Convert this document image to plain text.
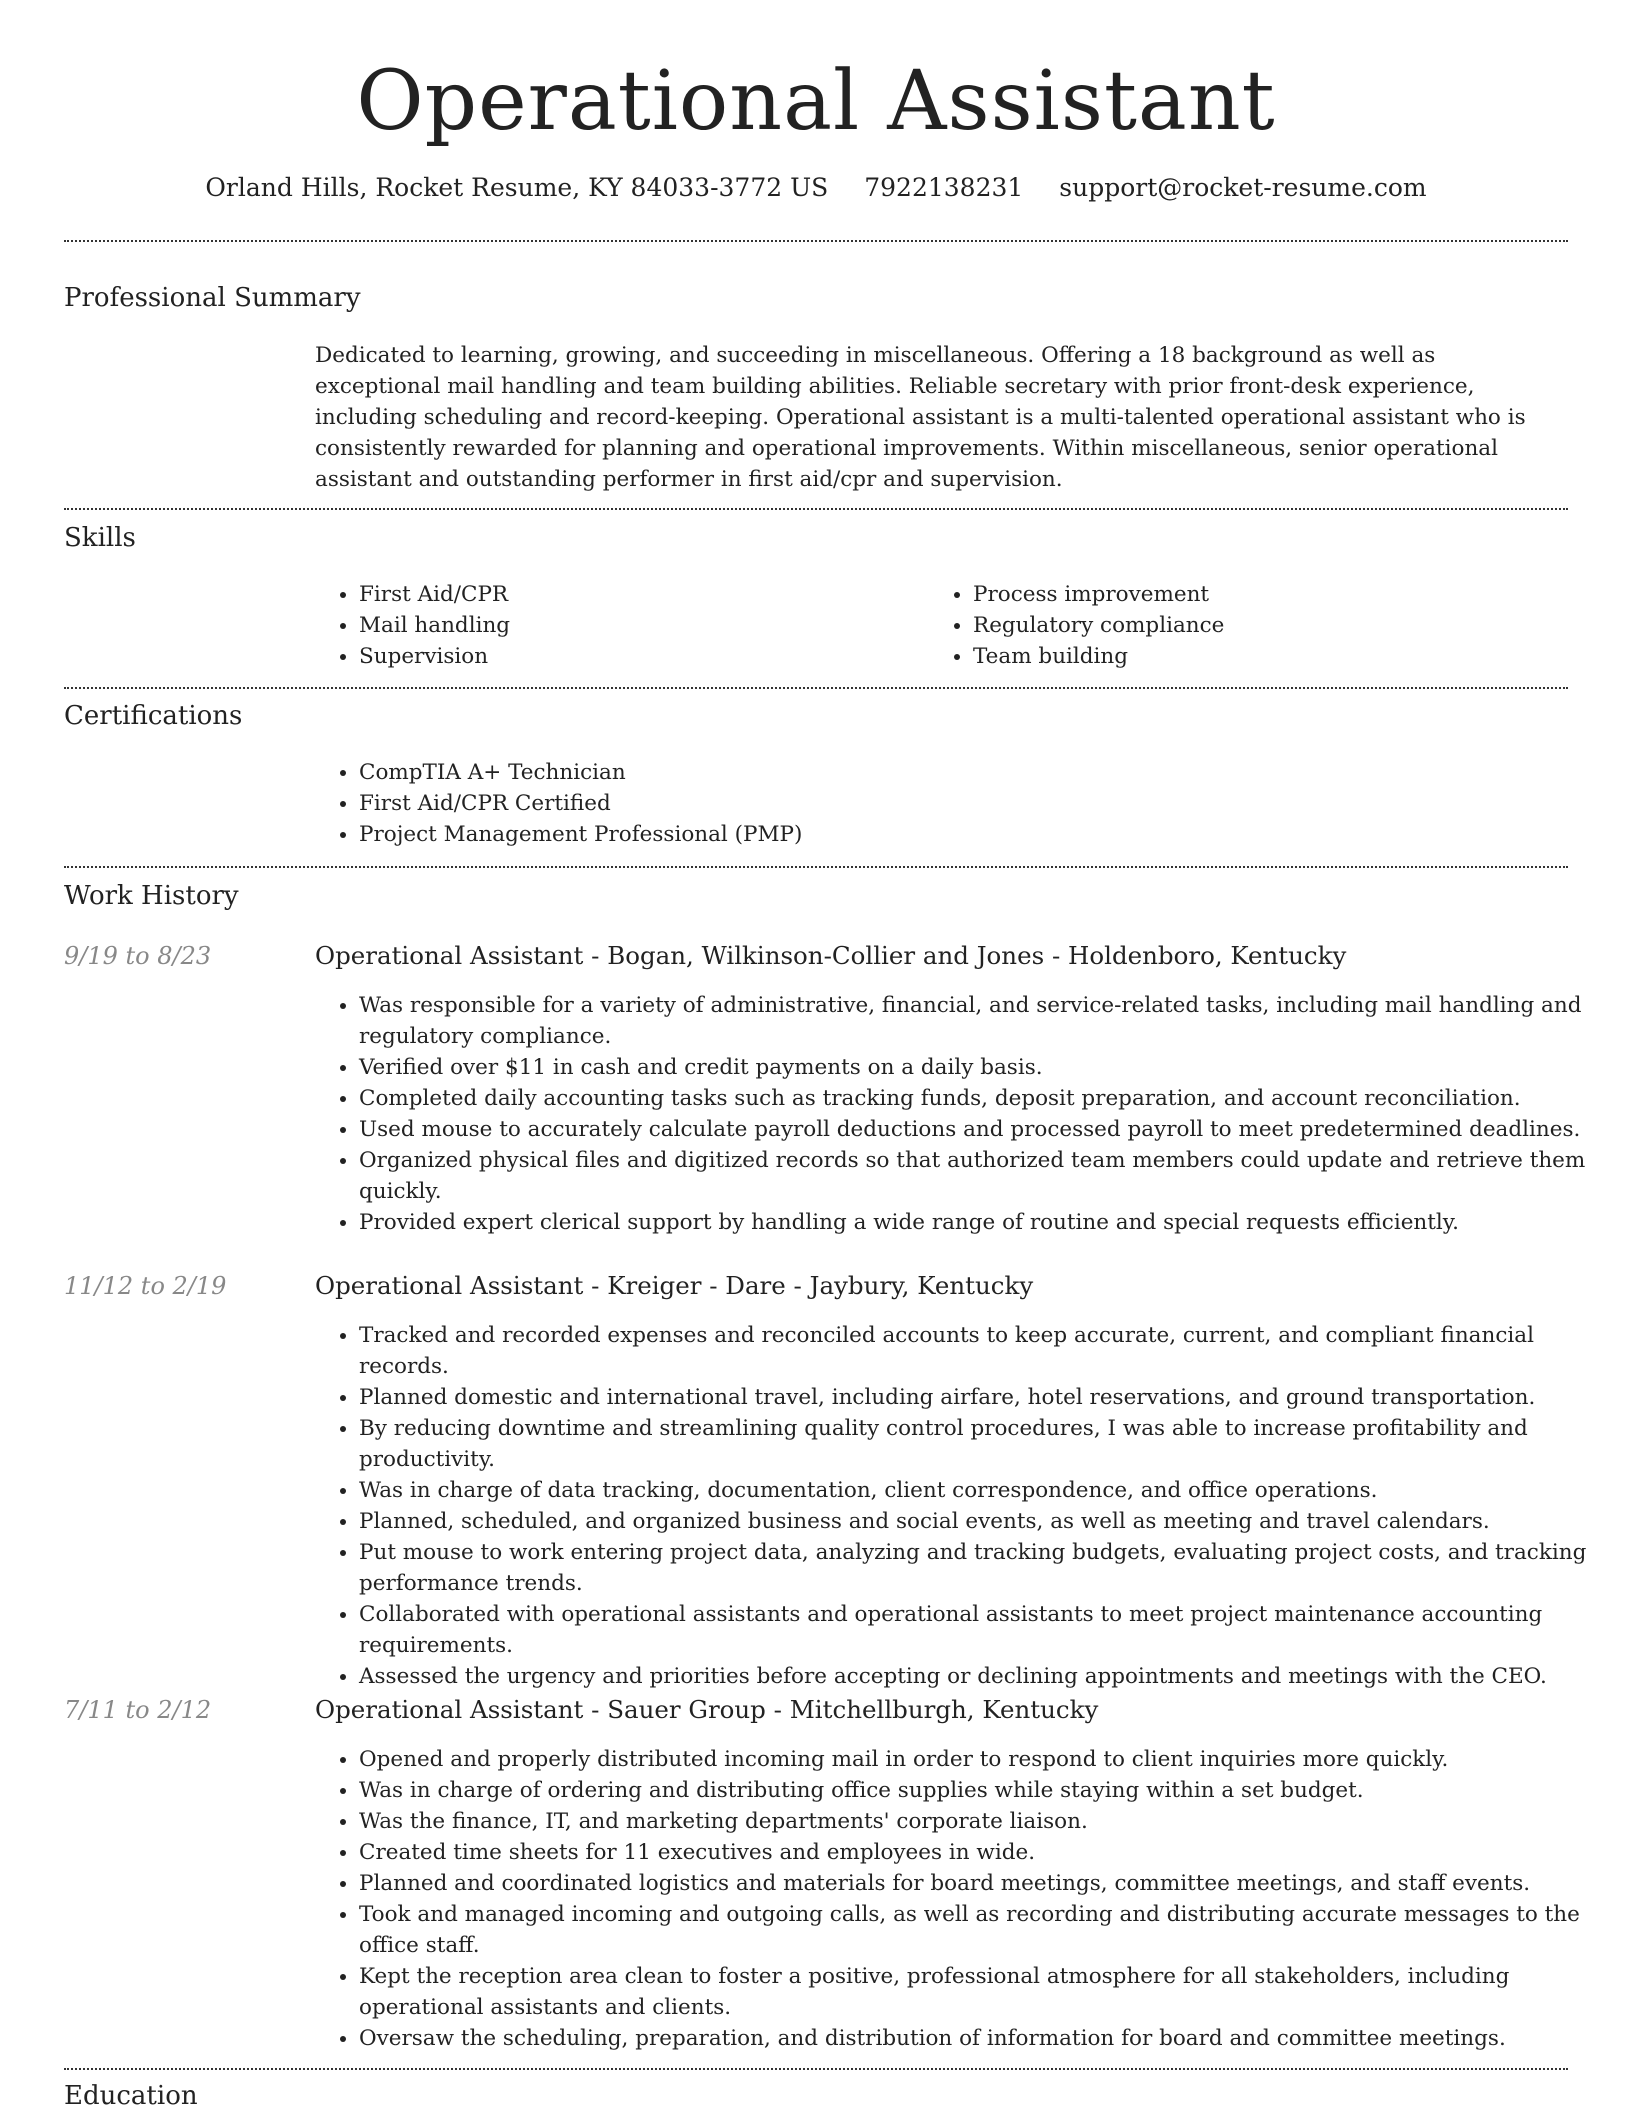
Operational Assistant
Orland Hills, Rocket Resume, KY 84033-3772 US 7922138231 support@rocket-resume.com
Professional Summary
Dedicated to learning, growing, and succeeding in miscellaneous. Offering a 18 background as well as exceptional mail handling and team building abilities. Reliable secretary with prior front-desk experience, including scheduling and record-keeping. Operational assistant is a multi-talented operational assistant who is consistently rewarded for planning and operational improvements. Within miscellaneous, senior operational assistant and outstanding performer in first aid/cpr and supervision.
Skills
• First Aid/CPR
• Mail handling
• Supervision
• Process improvement
• Regulatory compliance
• Team building
Certifications
• CompTIA A+ Technician
• First Aid/CPR Certified
• Project Management Professional (PMP)
Work History
9/19 to 8/23	Operational Assistant - Bogan, Wilkinson-Collier and Jones - Holdenboro, Kentucky
• Was responsible for a variety of administrative, financial, and service-related tasks, including mail handling and regulatory compliance.
• Verified over $11 in cash and credit payments on a daily basis.
• Completed daily accounting tasks such as tracking funds, deposit preparation, and account reconciliation.
• Used mouse to accurately calculate payroll deductions and processed payroll to meet predetermined deadlines.
• Organized physical files and digitized records so that authorized team members could update and retrieve them quickly.
• Provided expert clerical support by handling a wide range of routine and special requests efficiently.
11/12 to 2/19	Operational Assistant - Kreiger - Dare - Jaybury, Kentucky
• Tracked and recorded expenses and reconciled accounts to keep accurate, current, and compliant financial records.
• Planned domestic and international travel, including airfare, hotel reservations, and ground transportation.
• By reducing downtime and streamlining quality control procedures, I was able to increase profitability and productivity.
• Was in charge of data tracking, documentation, client correspondence, and office operations.
• Planned, scheduled, and organized business and social events, as well as meeting and travel calendars.
• Put mouse to work entering project data, analyzing and tracking budgets, evaluating project costs, and tracking performance trends.
• Collaborated with operational assistants and operational assistants to meet project maintenance accounting requirements.
• Assessed the urgency and priorities before accepting or declining appointments and meetings with the CEO.
7/11 to 2/12	Operational Assistant - Sauer Group - Mitchellburgh, Kentucky
• Opened and properly distributed incoming mail in order to respond to client inquiries more quickly.
• Was in charge of ordering and distributing office supplies while staying within a set budget.
• Was the finance, IT, and marketing departments' corporate liaison.
• Created time sheets for 11 executives and employees in wide.
• Planned and coordinated logistics and materials for board meetings, committee meetings, and staff events.
• Took and managed incoming and outgoing calls, as well as recording and distributing accurate messages to the office staff.
• Kept the reception area clean to foster a positive, professional atmosphere for all stakeholders, including operational assistants and clients.
• Oversaw the scheduling, preparation, and distribution of information for board and committee meetings.
Education
